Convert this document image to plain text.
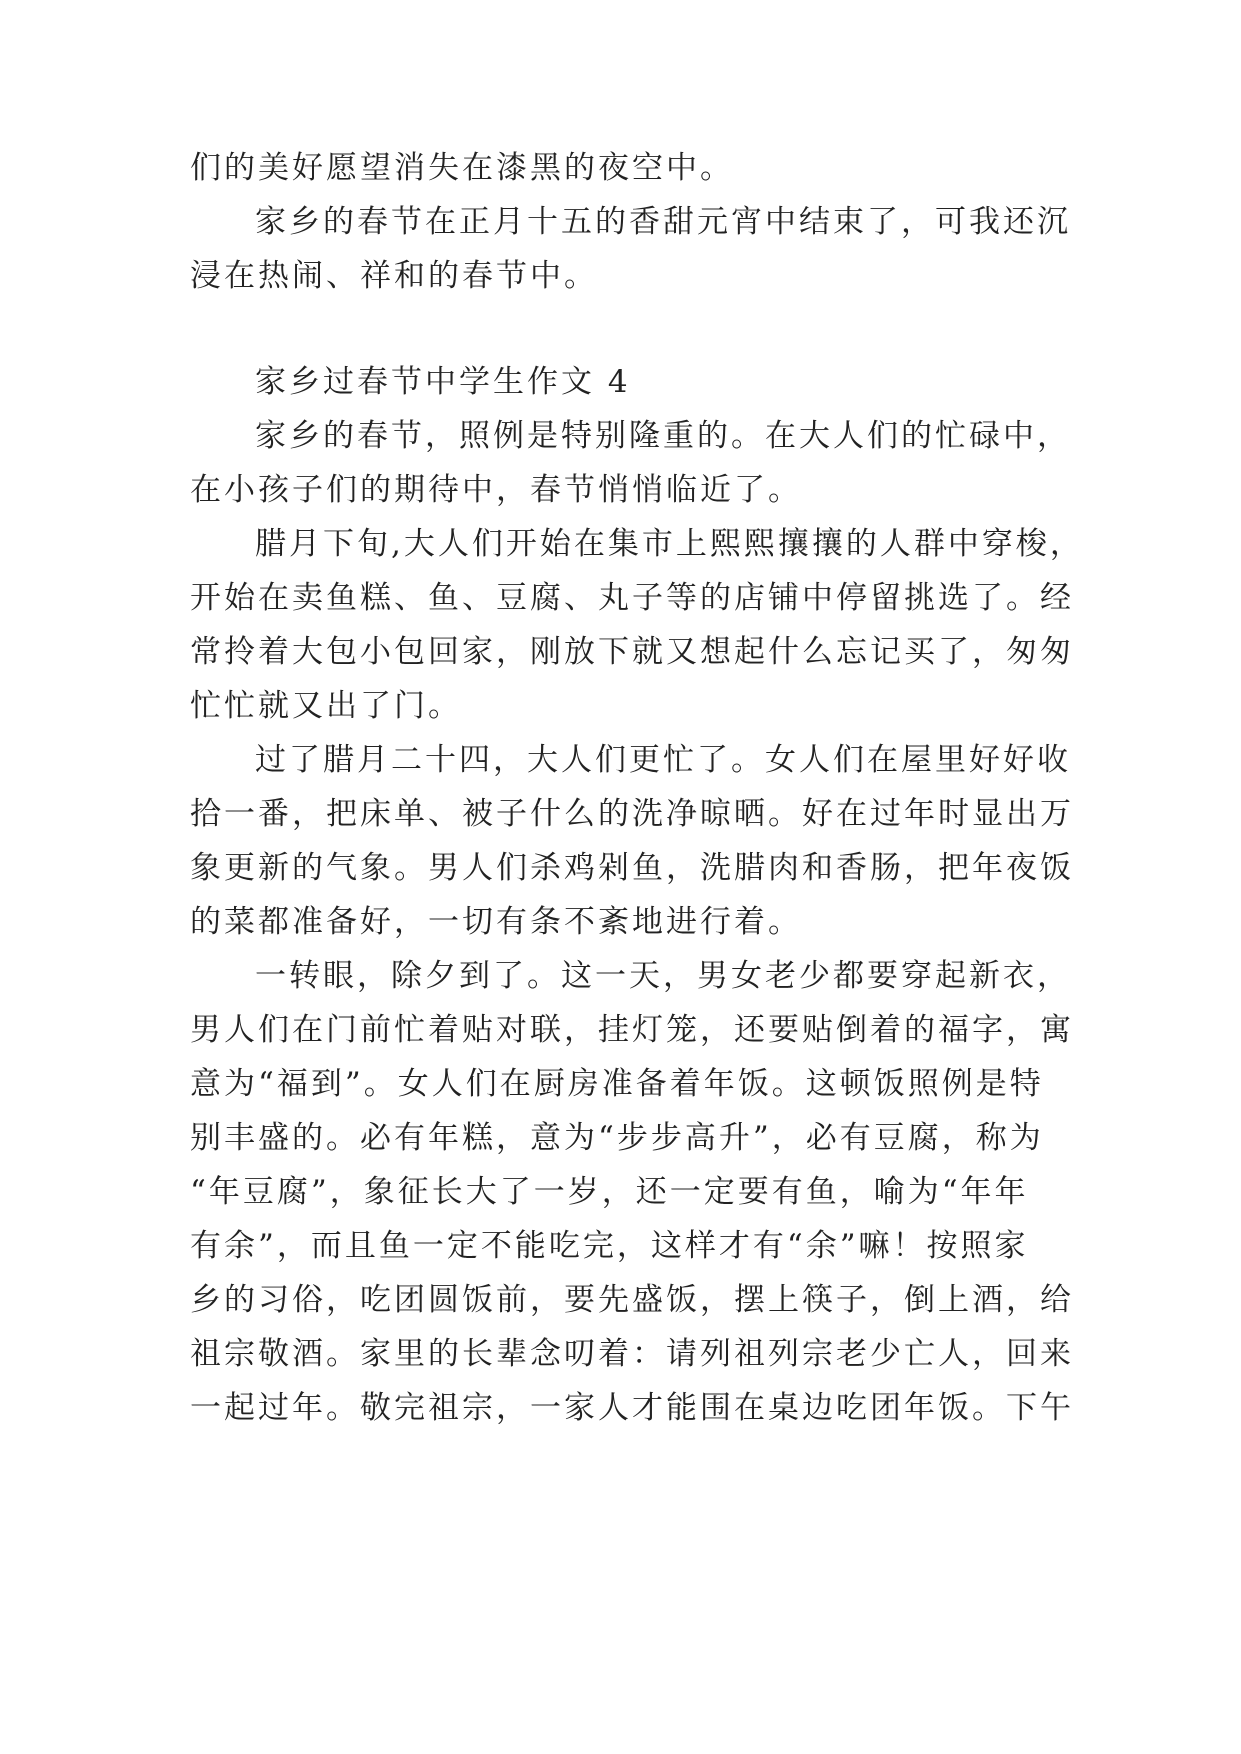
们的美好愿望消失在漆黑的夜空中。
家乡的春节在正月十五的香甜元宵中结束了，可我还沉
浸在热闹、祥和的春节中。
家乡过春节中学生作文 4
家乡的春节，照例是特别隆重的。在大人们的忙碌中，
在小孩子们的期待中，春节悄悄临近了。
腊月下旬,大人们开始在集市上熙熙攘攘的人群中穿梭，
开始在卖鱼糕、鱼、豆腐、丸子等的店铺中停留挑选了。经
常拎着大包小包回家，刚放下就又想起什么忘记买了，匆匆
忙忙就又出了门。
过了腊月二十四，大人们更忙了。女人们在屋里好好收
拾一番，把床单、被子什么的洗净晾晒。好在过年时显出万
象更新的气象。男人们杀鸡剁鱼，洗腊肉和香肠，把年夜饭
的菜都准备好，一切有条不紊地进行着。
一转眼，除夕到了。这一天，男女老少都要穿起新衣，
男人们在门前忙着贴对联，挂灯笼，还要贴倒着的福字，寓
意为“福到”。女人们在厨房准备着年饭。这顿饭照例是特
别丰盛的。必有年糕，意为“步步高升”，必有豆腐，称为
“年豆腐”，象征长大了一岁，还一定要有鱼，喻为“年年
有余”，而且鱼一定不能吃完，这样才有“余”嘛！按照家
乡的习俗，吃团圆饭前，要先盛饭，摆上筷子，倒上酒，给
祖宗敬酒。家里的长辈念叨着：请列祖列宗老少亡人，回来
一起过年。敬完祖宗，一家人才能围在桌边吃团年饭。下午
